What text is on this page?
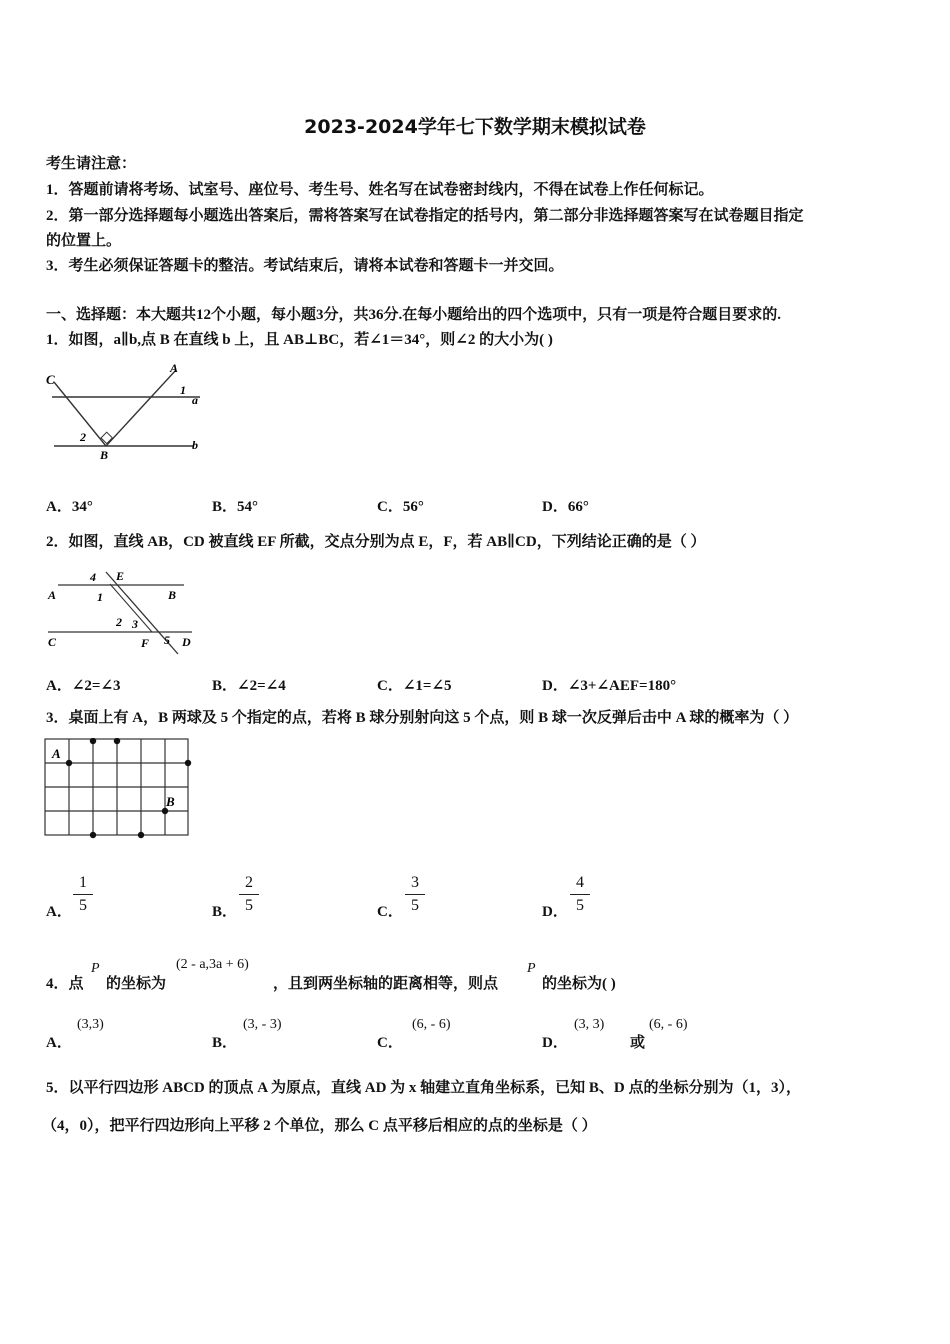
2023-2024学年七下数学期末模拟试卷
考生请注意：
1．答题前请将考场、试室号、座位号、考生号、姓名写在试卷密封线内，不得在试卷上作任何标记。
2．第一部分选择题每小题选出答案后，需将答案写在试卷指定的括号内，第二部分非选择题答案写在试卷题目指定
的位置上。
3．考生必须保证答题卡的整洁。考试结束后，请将本试卷和答题卡一并交回。
一、选择题：本大题共12个小题，每小题3分，共36分.在每小题给出的四个选项中，只有一项是符合题目要求的.
1．如图，a∥b,点 B 在直线 b 上，且 AB⊥BC，若∠1＝34°，则∠2 的大小为( )
C
A
1
a
2
B
b
A．34°	B．54°	C．56°	D．66°
2．如图，直线 AB，CD 被直线 EF 所截，交点分别为点 E，F，若 AB∥CD，下列结论正确的是（ ）
4 E
A	1	B
2 3
C	F 5 D
A．∠2=∠3	B．∠2=∠4	C．∠1=∠5	D．∠3+∠AEF=180°
3．桌面上有 A，B 两球及 5 个指定的点，若将 B 球分别射向这 5 个点，则 B 球一次反弹后击中 A 球的概率为（ ）
A
B
A．
1
5	B．
2
5	C．
3
5	D．
4
5
4．点
P
的坐标为
(2 - a,3a + 6)
，且到两坐标轴的距离相等，则点
P
的坐标为( )
A．
(3,3)
B．
(3, - 3)
C．
(6, - 6)
D．
(3, 3)
或
(6, - 6)
5．以平行四边形 ABCD 的顶点 A 为原点，直线 AD 为 x 轴建立直角坐标系，已知 B、D 点的坐标分别为（1，3），
（4，0），把平行四边形向上平移 2 个单位，那么 C 点平移后相应的点的坐标是（ ）
